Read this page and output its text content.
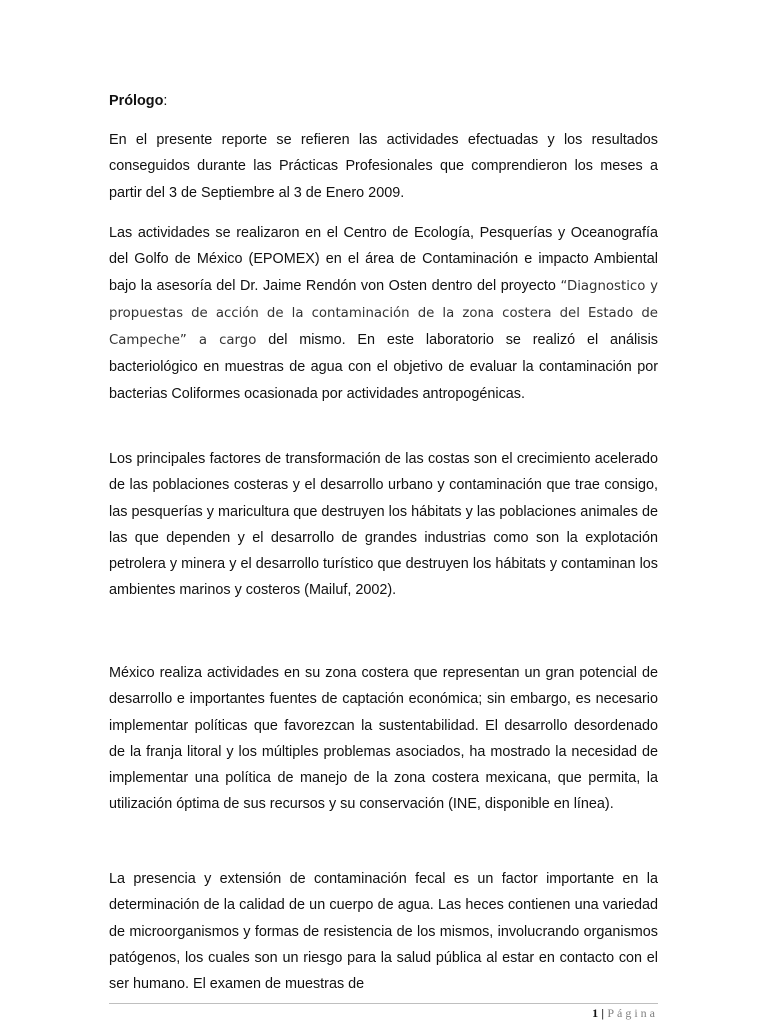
Prólogo:
En el presente reporte se refieren las actividades efectuadas y los resultados conseguidos durante las Prácticas Profesionales que comprendieron los meses a partir del 3 de Septiembre al 3 de Enero 2009.
Las actividades se realizaron en el Centro de Ecología, Pesquerías y Oceanografía del Golfo de México (EPOMEX) en el área de Contaminación e impacto Ambiental bajo la asesoría del Dr. Jaime Rendón von Osten dentro del proyecto “Diagnostico y propuestas de acción de la contaminación de la zona costera del Estado de Campeche” a cargo del mismo. En este laboratorio se realizó el análisis bacteriológico en muestras de agua con el objetivo de evaluar la contaminación por bacterias Coliformes ocasionada por actividades antropogénicas.
Los principales factores de transformación de las costas son el crecimiento acelerado de las poblaciones costeras y el desarrollo urbano y contaminación que trae consigo, las pesquerías y maricultura que destruyen los hábitats y las poblaciones animales de las que dependen y el desarrollo de grandes industrias como son la explotación petrolera y minera y el desarrollo turístico que destruyen los hábitats y contaminan los ambientes marinos y costeros (Mailuf, 2002).
México realiza actividades en su zona costera que representan un gran potencial de desarrollo e importantes fuentes de captación económica; sin embargo, es necesario implementar políticas que favorezcan la sustentabilidad. El desarrollo desordenado de la franja litoral y los múltiples problemas asociados, ha mostrado la necesidad de implementar una política de manejo de la zona costera mexicana, que permita, la utilización óptima de sus recursos y su conservación (INE, disponible en línea).
La presencia y extensión de contaminación fecal es un factor importante en la determinación de la calidad de un cuerpo de agua. Las heces contienen una variedad de microorganismos y formas de resistencia de los mismos, involucrando organismos patógenos, los cuales son un riesgo para la salud pública al estar en contacto con el ser humano. El examen de muestras de
1 | Página
